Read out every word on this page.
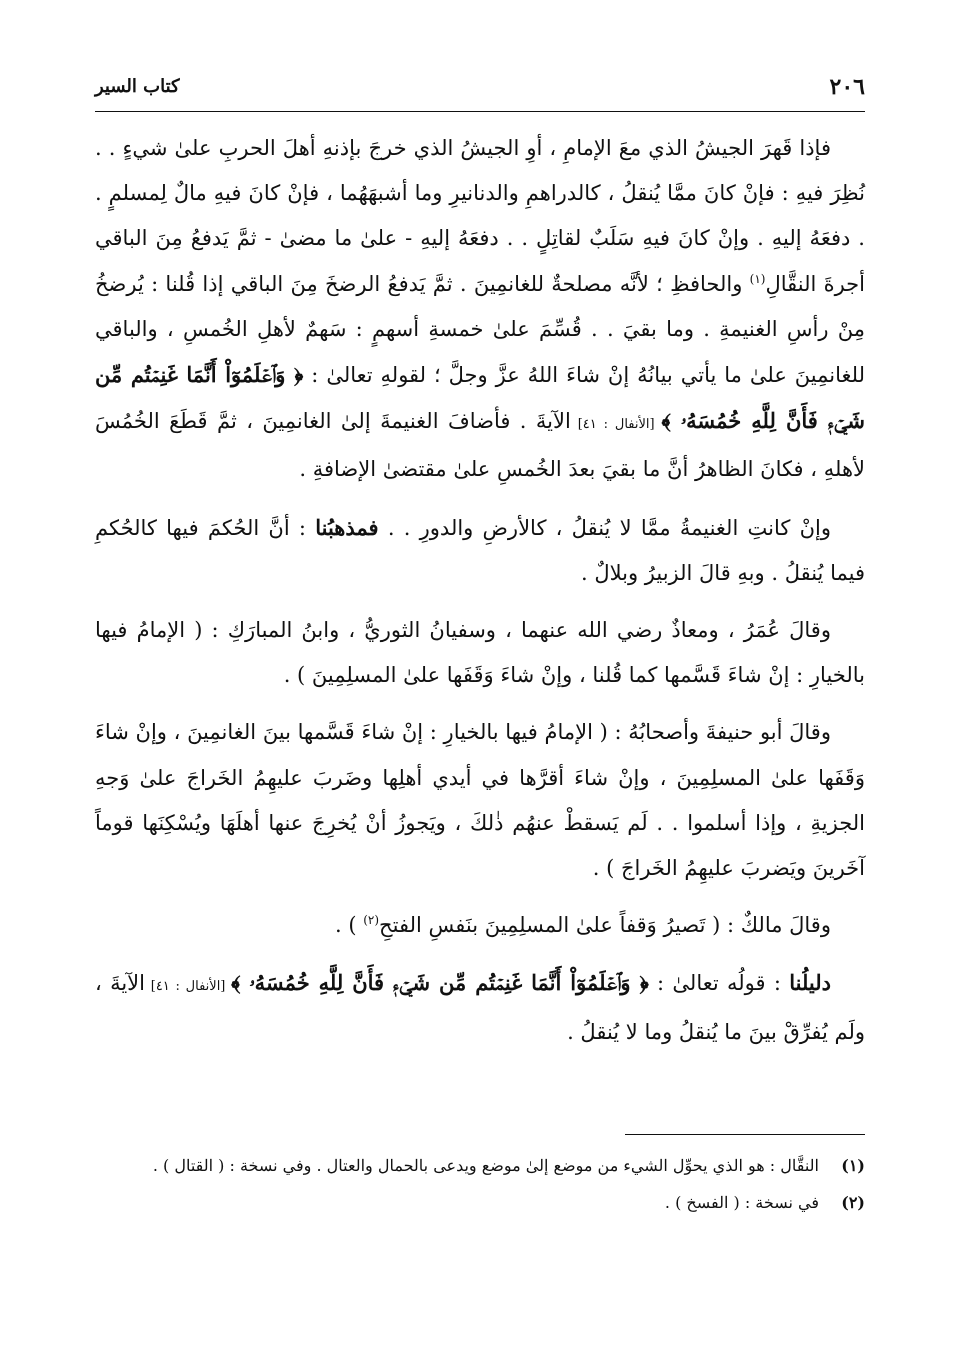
٢٠٦
كتاب السير

فإذا قَهرَ الجيشُ الذي معَ الإمامِ ، أوِ الجيشُ الذي خرجَ بإذنهِ أهلَ الحربِ علىٰ شيءٍ . . نُظِرَ فيهِ : فإنْ كانَ ممَّا يُنقلُ ، كالدراهمِ والدنانيرِ وما أشبهَهُما ، فإنْ كانَ فيهِ مالٌ لِمسلمٍ . . دفعَهُ إليهِ . وإنْ كانَ فيهِ سَلَبٌ لقاتِلٍ . . دفعَهُ إليهِ - علىٰ ما مضىٰ - ثمَّ يَدفعُ مِنَ الباقي أجرةَ النقَّالِ$^{(١)}$ والحافظِ ؛ لأنَّه مصلحةٌ للغانمِينَ . ثمَّ يَدفعُ الرضخَ مِنَ الباقي إذا قُلنا : يُرضخُ مِنْ رأسِ الغنيمةِ . وما بقيَ . . قُسِّمَ علىٰ خمسةِ أسهمٍ : سَهمٌ لأهلِ الخُمسِ ، والباقي للغانمِينَ علىٰ ما يأتي بيانُهُ إنْ شاءَ اللهُ عزَّ وجلَّ ؛ لقولهِ تعالىٰ : ﴿ وَٱعۡلَمُوٓاْ أَنَّمَا غَنِمۡتُم مِّن شَيۡءٖ فَأَنَّ لِلَّهِ خُمُسَهُۥ ﴾ [الأنفال : ٤١] الآيةَ . فأضافَ الغنيمةَ إلىٰ الغانمِينَ ، ثمَّ قَطَعَ الخُمُسَ لأهلهِ ، فكانَ الظاهرُ أنَّ ما بقيَ بعدَ الخُمسِ علىٰ مقتضىٰ الإضافةِ .

وإنْ كانتِ الغنيمةُ ممَّا لا يُنقلُ ، كالأرضِ والدورِ . . فمذهبُنا : أنَّ الحُكمَ فيها كالحُكمِ فيما يُنقلُ . وبهِ قالَ الزبيرُ وبلالٌ .

وقالَ عُمَرُ ، ومعاذٌ رضي الله عنهما ، وسفيانُ الثوريُّ ، وابنُ المبارَكِ : ( الإمامُ فيها بالخيارِ : إنْ شاءَ قَسَّمها كما قُلنا ، وإنْ شاءَ وَقَفَها علىٰ المسلِمِينَ ) .

وقالَ أبو حنيفةَ وأصحابُهُ : ( الإمامُ فيها بالخيارِ : إنْ شاءَ قَسَّمها بينَ الغانمِينَ ، وإنْ شاءَ وَقَفَها علىٰ المسلِمِينَ ، وإنْ شاءَ أقرَّها في أيدي أهلِها وضَربَ عليهِمُ الخَراجَ علىٰ وَجهِ الجزيةِ ، وإذا أسلموا . . لَم يَسقطْ عنهُم ذٰلكَ ، ويَجوزُ أنْ يُخرِجَ عنها أهلَهَا ويُسْكِنَها قوماً آخَرينَ ويَضربَ عليهِمُ الخَراجَ ) .

وقالَ مالكٌ : ( تَصيرُ وَقفاً علىٰ المسلِمِينَ بنَفسِ الفتحِ$^{(٢)}$ ) .

دليلُنا : قولُه تعالىٰ : ﴿ وَٱعۡلَمُوٓاْ أَنَّمَا غَنِمۡتُم مِّن شَيۡءٖ فَأَنَّ لِلَّهِ خُمُسَهُۥ ﴾ [الأنفال : ٤١] الآيةَ ، ولَم يُفرِّقْ بينَ ما يُنقلُ وما لا يُنقلُ .

(١)
النقَّال : هو الذي يحوِّل الشيء من موضع إلىٰ موضع ويدعى بالحمال والعتال . وفي نسخة : ( القتال ) .
(٢)
في نسخة : ( الفسخ ) .
